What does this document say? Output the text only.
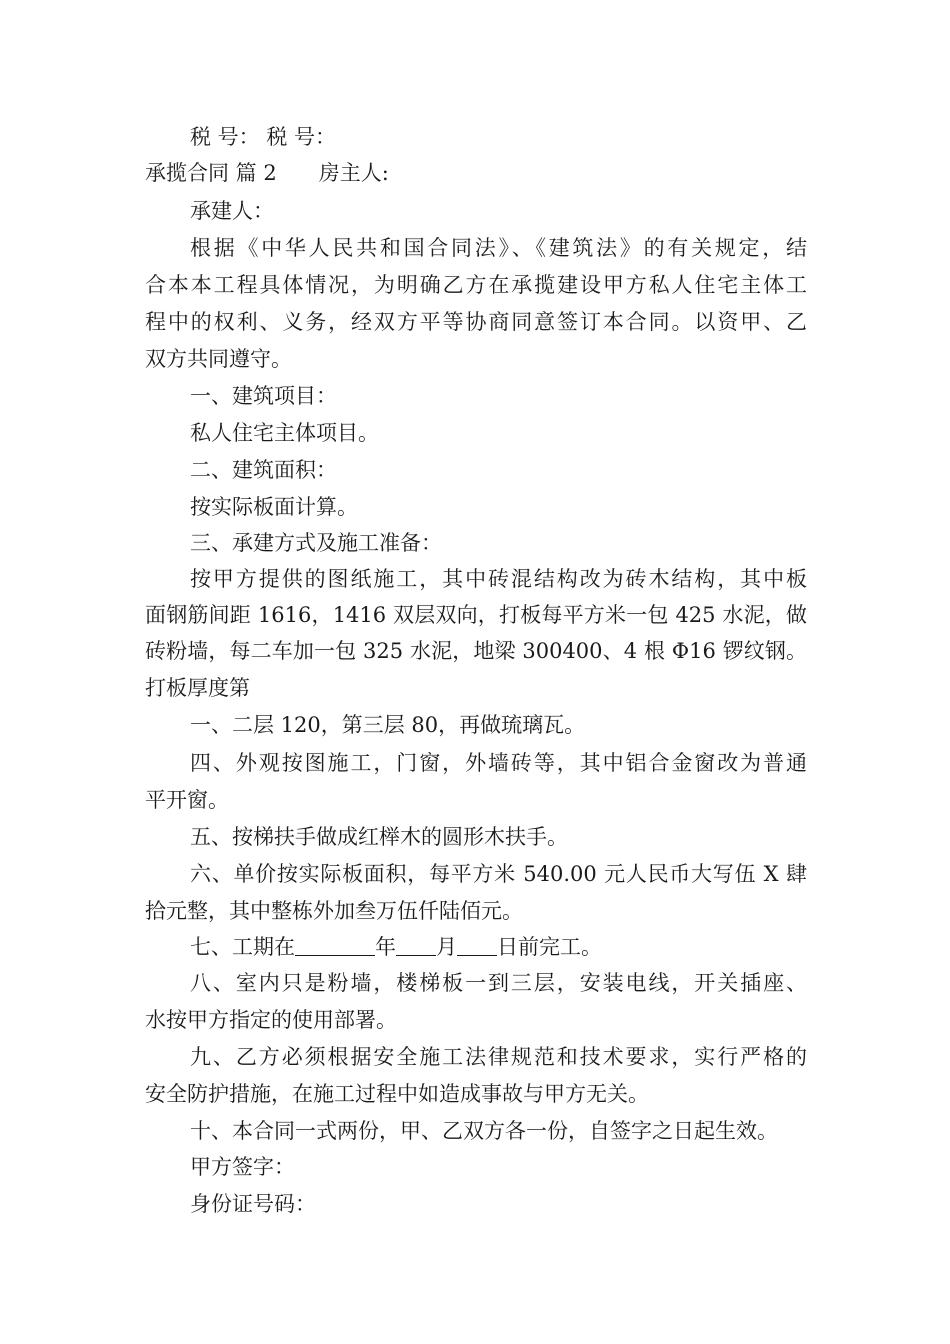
税 号： 税 号：
承揽合同 篇 2　　房主人:
承建人：
根据《中华人民共和国合同法》、《建筑法》的有关规定，结
合本本工程具体情况，为明确乙方在承揽建设甲方私人住宅主体工
程中的权利、义务，经双方平等协商同意签订本合同。以资甲、乙
双方共同遵守。
一、建筑项目：
私人住宅主体项目。
二、建筑面积：
按实际板面计算。
三、承建方式及施工准备：
按甲方提供的图纸施工，其中砖混结构改为砖木结构，其中板
面钢筋间距 1616，1416 双层双向，打板每平方米一包 425 水泥，做
砖粉墙，每二车加一包 325 水泥，地梁 300400、4 根 Φ16 锣纹钢。
打板厚度第
一、二层 120，第三层 80，再做琉璃瓦。
四、外观按图施工，门窗，外墙砖等，其中铝合金窗改为普通
平开窗。
五、按梯扶手做成红榉木的圆形木扶手。
六、单价按实际板面积，每平方米 540.00 元人民币大写伍 X 肆
拾元整，其中整栋外加叁万伍仟陆佰元。
七、工期在	年 月 日前完工。
八、室内只是粉墙，楼梯板一到三层，安装电线，开关插座、
水按甲方指定的使用部署。
九、乙方必须根据安全施工法律规范和技术要求，实行严格的
安全防护措施，在施工过程中如造成事故与甲方无关。
十、本合同一式两份，甲、乙双方各一份，自签字之日起生效。
甲方签字：
身份证号码：
